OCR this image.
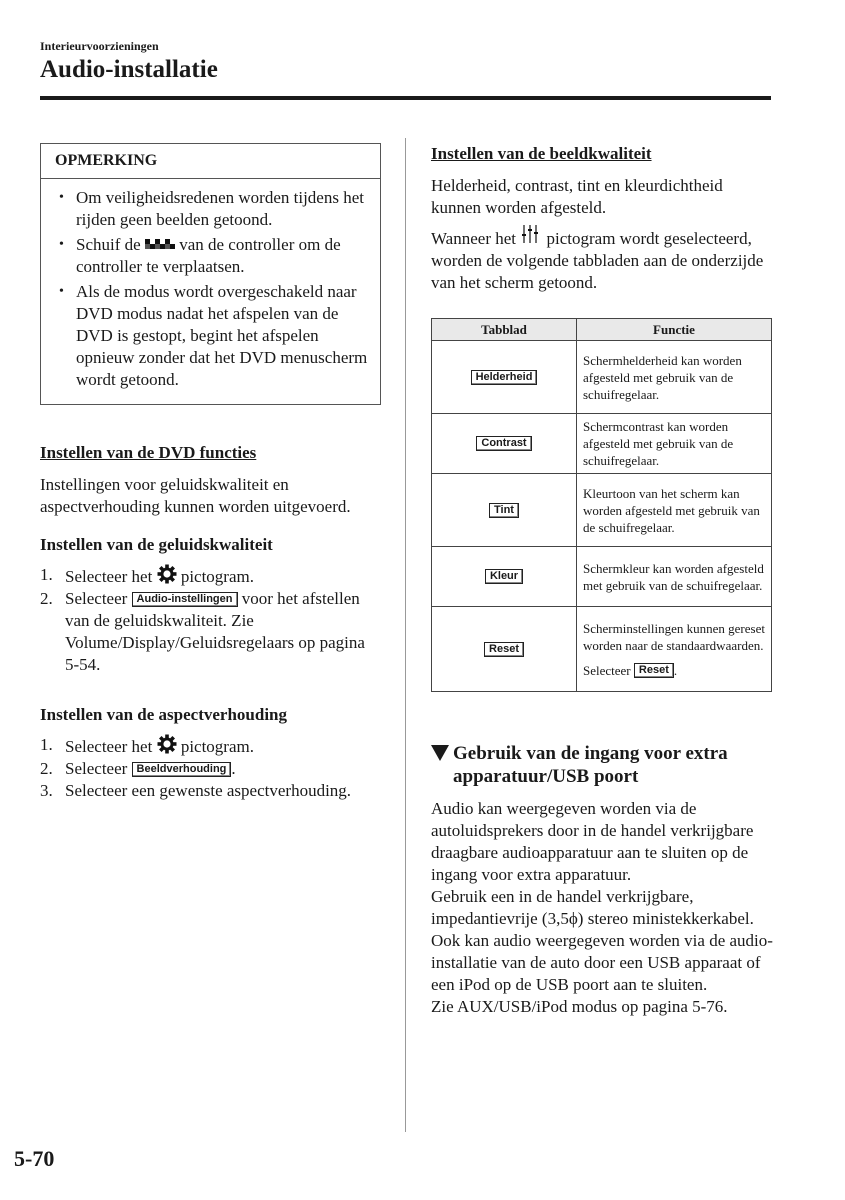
Interieurvoorzieningen
Audio-installatie
OPMERKING
• Om veiligheidsredenen worden tijdens het rijden geen beelden getoond.
• Schuif de van de controller om de controller te verplaatsen.
• Als de modus wordt overgeschakeld naar DVD modus nadat het afspelen van de DVD is gestopt, begint het afspelen opnieuw zonder dat het DVD menuscherm wordt getoond.
Instellen van de DVD functies
Instellingen voor geluidskwaliteit en aspectverhouding kunnen worden uitgevoerd.
Instellen van de geluidskwaliteit
1. Selecteer het pictogram.
2. Selecteer Audio-instellingen voor het afstellen van de geluidskwaliteit. Zie Volume/Display/Geluidsregelaars op pagina 5-54.
Instellen van de aspectverhouding
1. Selecteer het pictogram.
2. Selecteer Beeldverhouding .
3. Selecteer een gewenste aspectverhouding.
Instellen van de beeldkwaliteit
Helderheid, contrast, tint en kleurdichtheid kunnen worden afgesteld.
Wanneer het pictogram wordt geselecteerd, worden de volgende tabbladen aan de onderzijde van het scherm getoond.
Tabblad	Functie
Helderheid	Schermhelderheid kan worden afgesteld met gebruik van de schuifregelaar.
Contrast	Schermcontrast kan worden afgesteld met gebruik van de schuifregelaar.
Tint	Kleurtoon van het scherm kan worden afgesteld met gebruik van de schuifregelaar.
Kleur	Schermkleur kan worden afgesteld met gebruik van de schuifregelaar.
Reset	Scherminstellingen kunnen gereset worden naar de standaardwaarden.
Selecteer Reset .
Gebruik van de ingang voor extra apparatuur/USB poort
Audio kan weergegeven worden via de autoluidsprekers door in de handel verkrijgbare draagbare audioapparatuur aan te sluiten op de ingang voor extra apparatuur.
Gebruik een in de handel verkrijgbare, impedantievrije (3,5ϕ) stereo ministekkerkabel.
Ook kan audio weergegeven worden via de audio-installatie van de auto door een USB apparaat of een iPod op de USB poort aan te sluiten.
Zie AUX/USB/iPod modus op pagina 5-76.
5-70
